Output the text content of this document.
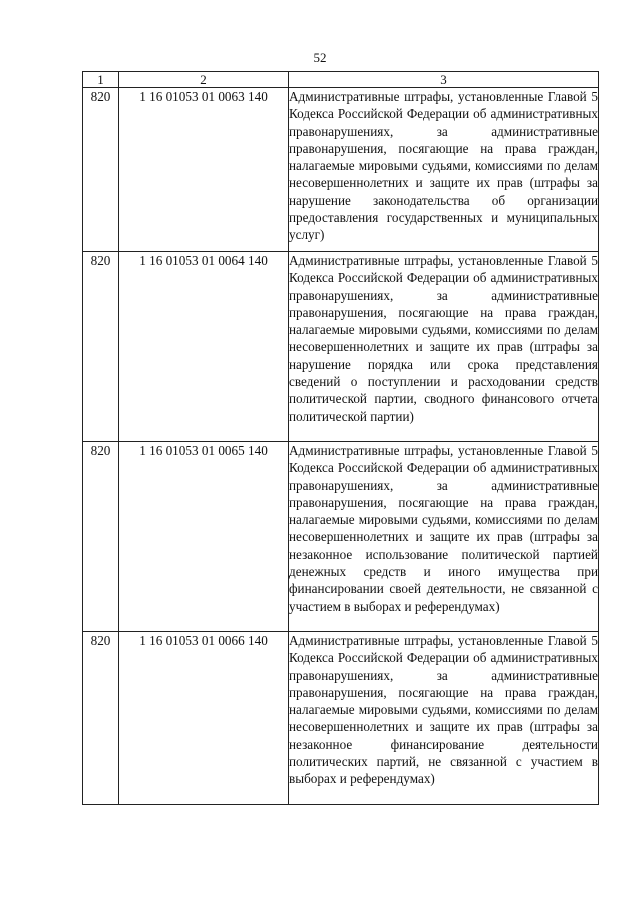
52
1	2	3
820	1 16 01053 01 0063 140	Административные штрафы, установленные Главой 5 Кодекса Российской Федерации об административных правонарушениях, за административные правонарушения, посягающие на права граждан, налагаемые мировыми судьями, комиссиями по делам несовершеннолетних и защите их прав (штрафы за нарушение законодательства об организации предоставления государственных и муниципальных услуг)
820	1 16 01053 01 0064 140	Административные штрафы, установленные Главой 5 Кодекса Российской Федерации об административных правонарушениях, за административные правонарушения, посягающие на права граждан, налагаемые мировыми судьями, комиссиями по делам несовершеннолетних и защите их прав (штрафы за нарушение порядка или срока представления сведений о поступлении и расходовании средств политической партии, сводного финансового отчета политической партии)
820	1 16 01053 01 0065 140	Административные штрафы, установленные Главой 5 Кодекса Российской Федерации об административных правонарушениях, за административные правонарушения, посягающие на права граждан, налагаемые мировыми судьями, комиссиями по делам несовершеннолетних и защите их прав (штрафы за незаконное использование политической партией денежных средств и иного имущества при финансировании своей деятельности, не связанной с участием в выборах и референдумах)
820	1 16 01053 01 0066 140	Административные штрафы, установленные Главой 5 Кодекса Российской Федерации об административных правонарушениях, за административные правонарушения, посягающие на права граждан, налагаемые мировыми судьями, комиссиями по делам несовершеннолетних и защите их прав (штрафы за незаконное финансирование деятельности политических партий, не связанной с участием в выборах и референдумах)
